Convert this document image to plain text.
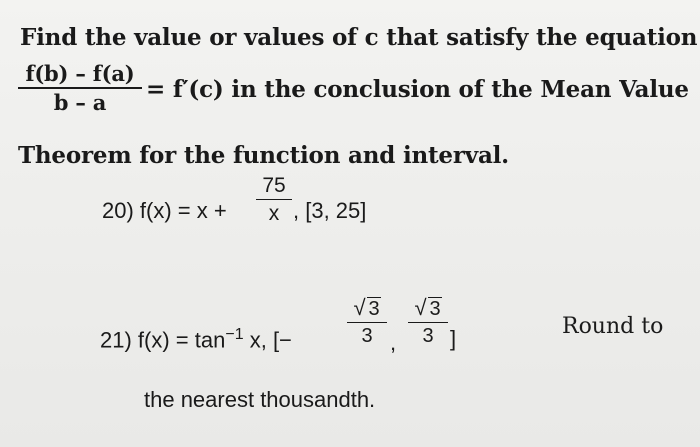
Find the value or values of c that satisfy the equation
f(b) – f(a)
b – a	= f′(c) in the conclusion of the Mean Value
Theorem for the function and interval.
20) f(x) = x +
75
x , [3, 25]
21) $f(x) = \tan^{-1} x$, [−
√ 3
3 ,
√ 3
3 ]	Round to
the nearest thousandth.
